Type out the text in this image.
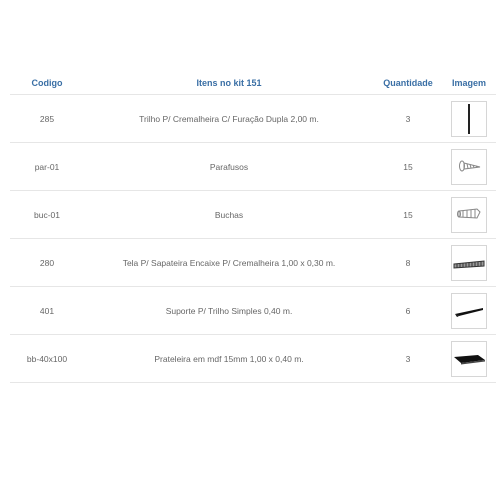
Codigo	Itens no kit 151	Quantidade	Imagem
285	Trilho P/ Cremalheira C/ Furação Dupla 2,00 m.	3
par-01	Parafusos	15
buc-01	Buchas	15
280	Tela P/ Sapateira Encaixe P/ Cremalheira 1,00 x 0,30 m.	8
401	Suporte P/ Trilho Simples 0,40 m.	6
bb-40x100	Prateleira em mdf 15mm 1,00 x 0,40 m.	3
